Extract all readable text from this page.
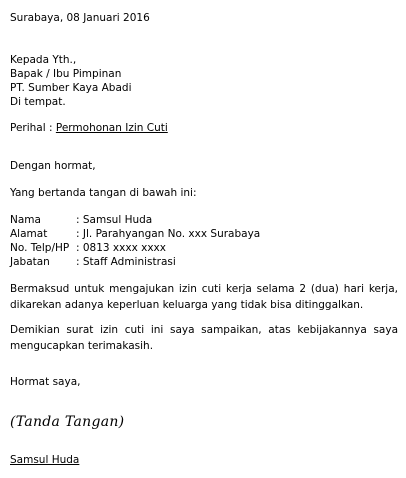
Surabaya, 08 Januari 2016
Kepada Yth.,
Bapak / Ibu Pimpinan
PT. Sumber Kaya Abadi
Di tempat.
Perihal : Permohonan Izin Cuti
Dengan hormat,
Yang bertanda tangan di bawah ini:
Nama	: Samsul Huda
Alamat	: Jl. Parahyangan No. xxx Surabaya
No. Telp/HP : 0813 xxxx xxxx
Jabatan : Staff Administrasi
Bermaksud untuk mengajukan izin cuti kerja selama 2 (dua) hari kerja, dikarekan adanya keperluan keluarga yang tidak bisa ditinggalkan.
Demikian surat izin cuti ini saya sampaikan, atas kebijakannya saya mengucapkan terimakasih.
Hormat saya,
(Tanda Tangan)
Samsul Huda
